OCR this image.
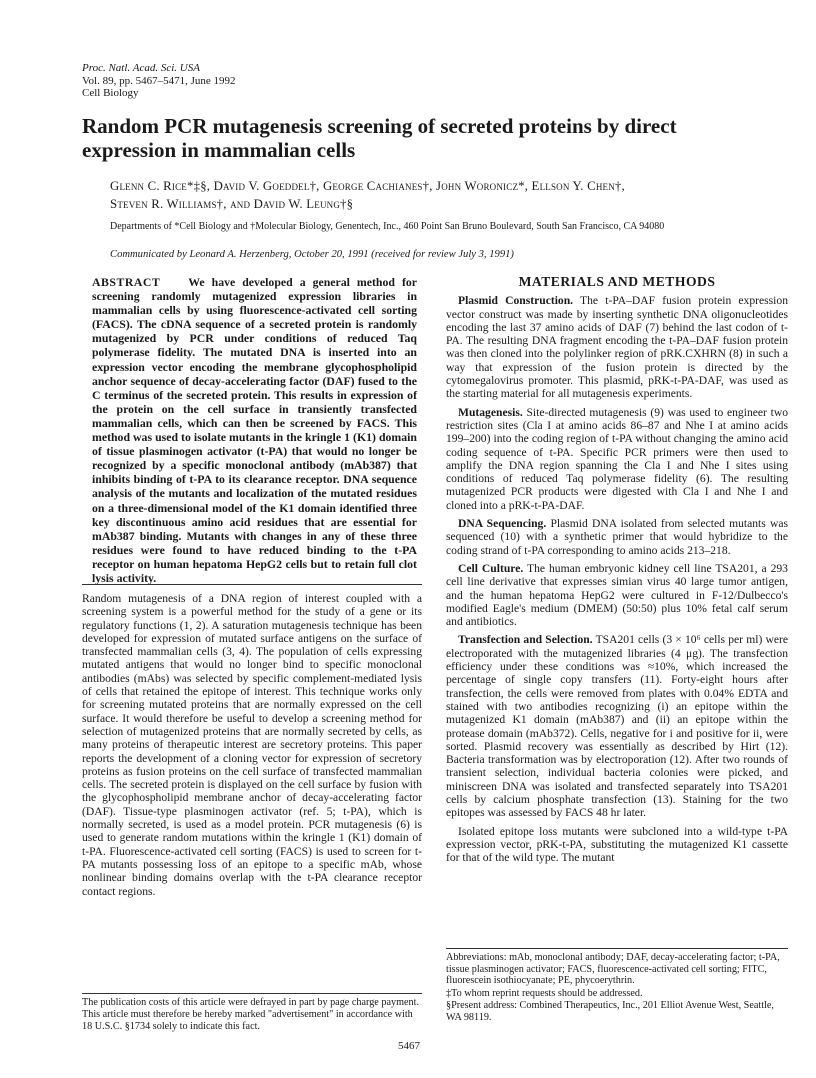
Proc. Natl. Acad. Sci. USA
Vol. 89, pp. 5467–5471, June 1992
Cell Biology
Random PCR mutagenesis screening of secreted proteins by direct expression in mammalian cells
Glenn C. Rice*‡§, David V. Goeddel†, George Cachianes†, John Woronicz*, Ellson Y. Chen†,
Steven R. Williams†, and David W. Leung†§
Departments of *Cell Biology and †Molecular Biology, Genentech, Inc., 460 Point San Bruno Boulevard, South San Francisco, CA 94080
Communicated by Leonard A. Herzenberg, October 20, 1991 (received for review July 3, 1991)
ABSTRACT We have developed a general method for screening randomly mutagenized expression libraries in mammalian cells by using fluorescence-activated cell sorting (FACS). The cDNA sequence of a secreted protein is randomly mutagenized by PCR under conditions of reduced Taq polymerase fidelity. The mutated DNA is inserted into an expression vector encoding the membrane glycophospholipid anchor sequence of decay-accelerating factor (DAF) fused to the C terminus of the secreted protein. This results in expression of the protein on the cell surface in transiently transfected mammalian cells, which can then be screened by FACS. This method was used to isolate mutants in the kringle 1 (K1) domain of tissue plasminogen activator (t-PA) that would no longer be recognized by a specific monoclonal antibody (mAb387) that inhibits binding of t-PA to its clearance receptor. DNA sequence analysis of the mutants and localization of the mutated residues on a three-dimensional model of the K1 domain identified three key discontinuous amino acid residues that are essential for mAb387 binding. Mutants with changes in any of these three residues were found to have reduced binding to the t-PA receptor on human hepatoma HepG2 cells but to retain full clot lysis activity.

Random mutagenesis of a DNA region of interest coupled with a screening system is a powerful method for the study of a gene or its regulatory functions (1, 2). A saturation mutagenesis technique has been developed for expression of mutated surface antigens on the surface of transfected mammalian cells (3, 4). The population of cells expressing mutated antigens that would no longer bind to specific monoclonal antibodies (mAbs) was selected by specific complement-mediated lysis of cells that retained the epitope of interest. This technique works only for screening mutated proteins that are normally expressed on the cell surface. It would therefore be useful to develop a screening method for selection of mutagenized proteins that are normally secreted by cells, as many proteins of therapeutic interest are secretory proteins. This paper reports the development of a cloning vector for expression of secretory proteins as fusion proteins on the cell surface of transfected mammalian cells. The secreted protein is displayed on the cell surface by fusion with the glycophospholipid membrane anchor of decay-accelerating factor (DAF). Tissue-type plasminogen activator (ref. 5; t-PA), which is normally secreted, is used as a model protein. PCR mutagenesis (6) is used to generate random mutations within the kringle 1 (K1) domain of t-PA. Fluorescence-activated cell sorting (FACS) is used to screen for t-PA mutants possessing loss of an epitope to a specific mAb, whose nonlinear binding domains overlap with the t-PA clearance receptor contact regions.

The publication costs of this article were defrayed in part by page charge payment. This article must therefore be hereby marked "advertisement" in accordance with 18 U.S.C. §1734 solely to indicate this fact.
MATERIALS AND METHODS

Plasmid Construction. The t-PA–DAF fusion protein expression vector construct was made by inserting synthetic DNA oligonucleotides encoding the last 37 amino acids of DAF (7) behind the last codon of t-PA. The resulting DNA fragment encoding the t-PA–DAF fusion protein was then cloned into the polylinker region of pRK.CXHRN (8) in such a way that expression of the fusion protein is directed by the cytomegalovirus promoter. This plasmid, pRK-t-PA-DAF, was used as the starting material for all mutagenesis experiments.

Mutagenesis. Site-directed mutagenesis (9) was used to engineer two restriction sites (Cla I at amino acids 86–87 and Nhe I at amino acids 199–200) into the coding region of t-PA without changing the amino acid coding sequence of t-PA. Specific PCR primers were then used to amplify the DNA region spanning the Cla I and Nhe I sites using conditions of reduced Taq polymerase fidelity (6). The resulting mutagenized PCR products were digested with Cla I and Nhe I and cloned into a pRK-t-PA-DAF.

DNA Sequencing. Plasmid DNA isolated from selected mutants was sequenced (10) with a synthetic primer that would hybridize to the coding strand of t-PA corresponding to amino acids 213–218.

Cell Culture. The human embryonic kidney cell line TSA201, a 293 cell line derivative that expresses simian virus 40 large tumor antigen, and the human hepatoma HepG2 were cultured in F-12/Dulbecco's modified Eagle's medium (DMEM) (50:50) plus 10% fetal calf serum and antibiotics.

Transfection and Selection. TSA201 cells (3 × 10⁶ cells per ml) were electroporated with the mutagenized libraries (4 μg). The transfection efficiency under these conditions was ≈10%, which increased the percentage of single copy transfers (11). Forty-eight hours after transfection, the cells were removed from plates with 0.04% EDTA and stained with two antibodies recognizing (i) an epitope within the mutagenized K1 domain (mAb387) and (ii) an epitope within the protease domain (mAb372). Cells, negative for i and positive for ii, were sorted. Plasmid recovery was essentially as described by Hirt (12). Bacteria transformation was by electroporation (12). After two rounds of transient selection, individual bacteria colonies were picked, and miniscreen DNA was isolated and transfected separately into TSA201 cells by calcium phosphate transfection (13). Staining for the two epitopes was assessed by FACS 48 hr later.

Isolated epitope loss mutants were subcloned into a wild-type t-PA expression vector, pRK-t-PA, substituting the mutagenized K1 cassette for that of the wild type. The mutant

Abbreviations: mAb, monoclonal antibody; DAF, decay-accelerating factor; t-PA, tissue plasminogen activator; FACS, fluorescence-activated cell sorting; FITC, fluorescein isothiocyanate; PE, phycoerythrin.
‡To whom reprint requests should be addressed.
§Present address: Combined Therapeutics, Inc., 201 Elliot Avenue West, Seattle, WA 98119.
5467
